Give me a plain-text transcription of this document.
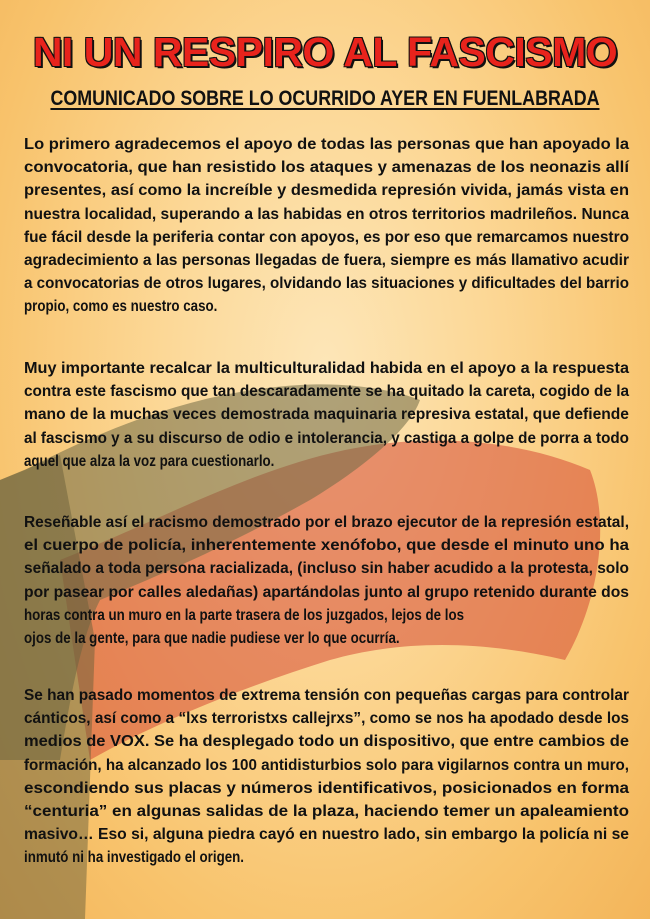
NI UN RESPIRO AL FASCISMO
COMUNICADO SOBRE LO OCURRIDO AYER EN FUENLABRADA
Lo primero agradecemos el apoyo de todas las personas que han apoyado la
convocatoria, que han resistido los ataques y amenazas de los neonazis allí
presentes, así como la increíble y desmedida represión vivida, jamás vista en
nuestra localidad, superando a las habidas en otros territorios madrileños. Nunca
fue fácil desde la periferia contar con apoyos, es por eso que remarcamos nuestro
agradecimiento a las personas llegadas de fuera, siempre es más llamativo acudir
a convocatorias de otros lugares, olvidando las situaciones y dificultades del barrio
propio, como es nuestro caso.
Muy importante recalcar la multiculturalidad habida en el apoyo a la respuesta
contra este fascismo que tan descaradamente se ha quitado la careta, cogido de la
mano de la muchas veces demostrada maquinaria represiva estatal, que defiende
al fascismo y a su discurso de odio e intolerancia, y castiga a golpe de porra a todo
aquel que alza la voz para cuestionarlo.
Reseñable así el racismo demostrado por el brazo ejecutor de la represión estatal,
el cuerpo de policía, inherentemente xenófobo, que desde el minuto uno ha
señalado a toda persona racializada, (incluso sin haber acudido a la protesta, solo
por pasear por calles aledañas) apartándolas junto al grupo retenido durante dos
horas contra un muro en la parte trasera de los juzgados, lejos de los
ojos de la gente, para que nadie pudiese ver lo que ocurría.
Se han pasado momentos de extrema tensión con pequeñas cargas para controlar
cánticos, así como a “lxs terroristxs callejrxs”, como se nos ha apodado desde los
medios de VOX. Se ha desplegado todo un dispositivo, que entre cambios de
formación, ha alcanzado los 100 antidisturbios solo para vigilarnos contra un muro,
escondiendo sus placas y números identificativos, posicionados en forma
“centuria” en algunas salidas de la plaza, haciendo temer un apaleamiento
masivo… Eso si, alguna piedra cayó en nuestro lado, sin embargo la policía ni se
inmutó ni ha investigado el origen.
